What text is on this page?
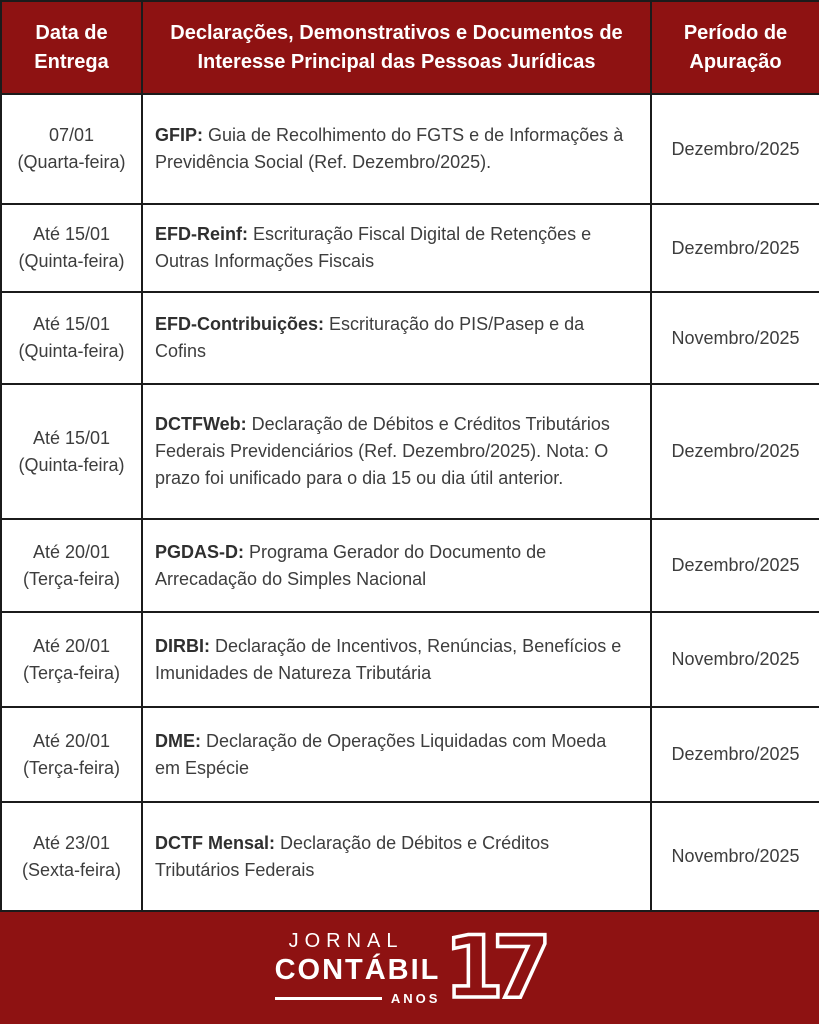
Data de Entrega	Declarações, Demonstrativos e Documentos de Interesse Principal das Pessoas Jurídicas	Período de Apuração

07/01
(Quarta-feira)	GFIP: Guia de Recolhimento do FGTS e de Informações à Previdência Social (Ref. Dezembro/2025).	Dezembro/2025

Até 15/01
(Quinta-feira)	EFD-Reinf: Escrituração Fiscal Digital de Retenções e Outras Informações Fiscais	Dezembro/2025

Até 15/01
(Quinta-feira)	EFD-Contribuições: Escrituração do PIS/Pasep e da Cofins	Novembro/2025

Até 15/01
(Quinta-feira)	DCTFWeb: Declaração de Débitos e Créditos Tributários Federais Previdenciários (Ref. Dezembro/2025). Nota: O prazo foi unificado para o dia 15 ou dia útil anterior.	Dezembro/2025

Até 20/01
(Terça-feira)	PGDAS-D: Programa Gerador do Documento de Arrecadação do Simples Nacional	Dezembro/2025

Até 20/01
(Terça-feira)	DIRBI: Declaração de Incentivos, Renúncias, Benefícios e Imunidades de Natureza Tributária	Novembro/2025

Até 20/01
(Terça-feira)	DME: Declaração de Operações Liquidadas com Moeda em Espécie	Dezembro/2025

Até 23/01
(Sexta-feira)	DCTF Mensal: Declaração de Débitos e Créditos Tributários Federais	Novembro/2025
JORNAL
CONTÁBIL
ANOS 17
